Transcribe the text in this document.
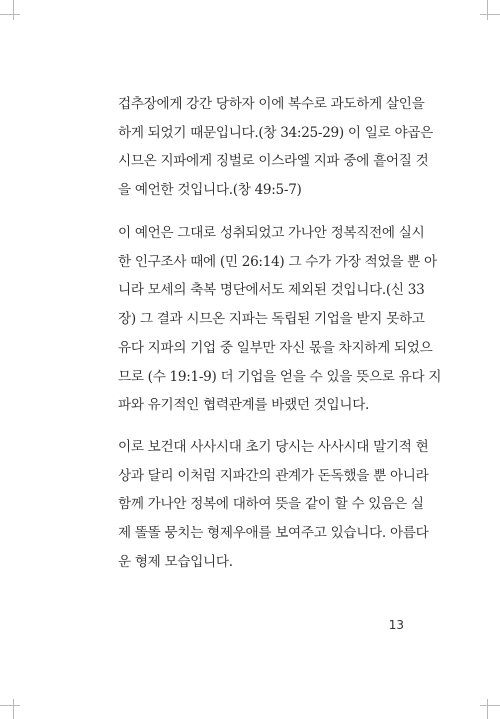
겁추장에게 강간 당하자 이에 복수로 과도하게 살인을
하게 되었기 때문입니다.(창 34:25-29) 이 일로 야곱은
시므온 지파에게 징벌로 이스라엘 지파 중에 흩어질 것
을 예언한 것입니다.(창 49:5-7)
이 예언은 그대로 성취되었고 가나안 정복직전에 실시
한 인구조사 때에 (민 26:14) 그 수가 가장 적었을 뿐 아
니라 모세의 축복 명단에서도 제외된 것입니다.(신 33
장) 그 결과 시므온 지파는 독립된 기업을 받지 못하고
유다 지파의 기업 중 일부만 자신 몫을 차지하게 되었으
므로 (수 19:1-9) 더 기업을 얻을 수 있을 뜻으로 유다 지
파와 유기적인 협력관계를 바랬던 것입니다.
이로 보건대 사사시대 초기 당시는 사사시대 말기적 현
상과 달리 이처럼 지파간의 관계가 돈독했을 뿐 아니라
함께 가나안 정복에 대하여 뜻을 같이 할 수 있음은 실
제 똘똘 뭉치는 형제우애를 보여주고 있습니다. 아름다
운 형제 모습입니다.
13
